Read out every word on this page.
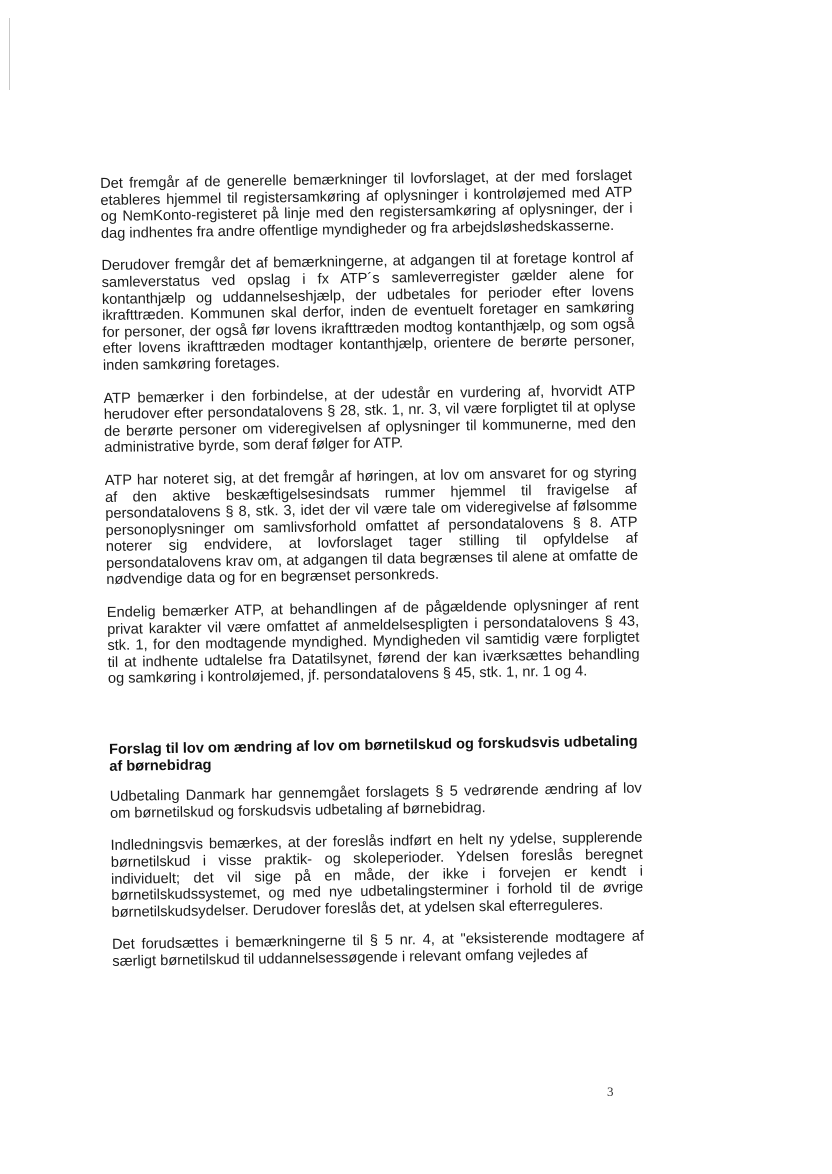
Det fremgår af de generelle bemærkninger til lovforslaget, at der med forslaget etableres hjemmel til registersamkøring af oplysninger i kontroløjemed med ATP og NemKonto-registeret på linje med den registersamkøring af oplysninger, der i dag indhentes fra andre offentlige myndigheder og fra arbejdsløshedskasserne.

Derudover fremgår det af bemærkningerne, at adgangen til at foretage kontrol af samleverstatus ved opslag i fx ATP´s samleverregister gælder alene for kontanthjælp og uddannelseshjælp, der udbetales for perioder efter lovens ikrafttræden. Kommunen skal derfor, inden de eventuelt foretager en samkøring for personer, der også før lovens ikrafttræden modtog kontanthjælp, og som også efter lovens ikrafttræden modtager kontanthjælp, orientere de berørte personer, inden samkøring foretages.

ATP bemærker i den forbindelse, at der udestår en vurdering af, hvorvidt ATP herudover efter persondatalovens § 28, stk. 1, nr. 3, vil være forpligtet til at oplyse de berørte personer om videregivelsen af oplysninger til kommunerne, med den administrative byrde, som deraf følger for ATP.

ATP har noteret sig, at det fremgår af høringen, at lov om ansvaret for og styring af den aktive beskæftigelsesindsats rummer hjemmel til fravigelse af persondatalovens § 8, stk. 3, idet der vil være tale om videregivelse af følsomme personoplysninger om samlivsforhold omfattet af persondatalovens § 8. ATP noterer sig endvidere, at lovforslaget tager stilling til opfyldelse af persondatalovens krav om, at adgangen til data begrænses til alene at omfatte de nødvendige data og for en begrænset personkreds.

Endelig bemærker ATP, at behandlingen af de pågældende oplysninger af rent privat karakter vil være omfattet af anmeldelsespligten i persondatalovens § 43, stk. 1, for den modtagende myndighed. Myndigheden vil samtidig være forpligtet til at indhente udtalelse fra Datatilsynet, førend der kan iværksættes behandling og samkøring i kontroløjemed, jf. persondatalovens § 45, stk. 1, nr. 1 og 4.

Forslag til lov om ændring af lov om børnetilskud og forskudsvis udbetaling af børnebidrag

Udbetaling Danmark har gennemgået forslagets § 5 vedrørende ændring af lov om børnetilskud og forskudsvis udbetaling af børnebidrag.

Indledningsvis bemærkes, at der foreslås indført en helt ny ydelse, supplerende børnetilskud i visse praktik- og skoleperioder. Ydelsen foreslås beregnet individuelt; det vil sige på en måde, der ikke i forvejen er kendt i børnetilskudssystemet, og med nye udbetalingsterminer i forhold til de øvrige børnetilskudsydelser. Derudover foreslås det, at ydelsen skal efterreguleres.

Det forudsættes i bemærkningerne til § 5 nr. 4, at "eksisterende modtagere af særligt børnetilskud til uddannelsessøgende i relevant omfang vejledes af

3
